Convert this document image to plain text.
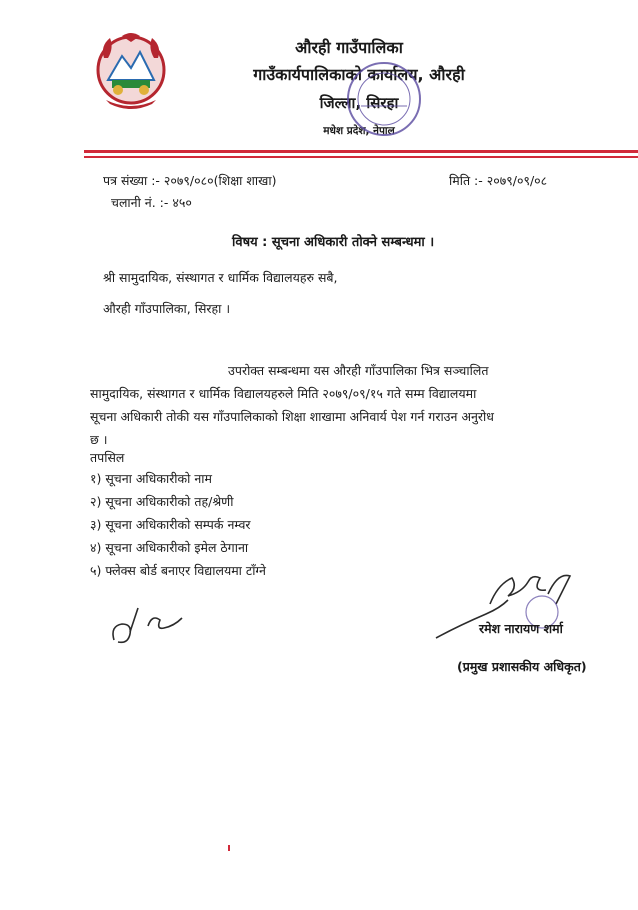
औरही गाउँपालिका
गाउँकार्यपालिकाको कार्यालय, औरही
जिल्ला, सिरहा
मधेश प्रदेश, नेपाल
पत्र संख्या :- २०७९/०८०(शिक्षा शाखा)	मिति :- २०७९/०९/०८
चलानी नं. :- ४५०
विषय : सूचना अधिकारी तोक्ने सम्बन्धमा ।
श्री सामुदायिक, संस्थागत र धार्मिक विद्यालयहरु सबै,
औरही गाँउपालिका, सिरहा ।
उपरोक्त सम्बन्धमा यस औरही गाँउपालिका भित्र सञ्चालित
सामुदायिक, संस्थागत र धार्मिक विद्यालयहरुले मिति २०७९/०९/१५ गते सम्म विद्यालयमा
सूचना अधिकारी तोकी यस गाँउपालिकाको शिक्षा शाखामा अनिवार्य पेश गर्न गराउन अनुरोध
छ ।
तपसिल
१) सूचना अधिकारीको नाम
२) सूचना अधिकारीको तह/श्रेणी
३) सूचना अधिकारीको सम्पर्क नम्वर
४) सूचना अधिकारीको इमेल ठेगाना
५) फ्लेक्स बोर्ड बनाएर विद्यालयमा टाँग्ने
रमेश नारायण शर्मा
(प्रमुख प्रशासकीय अधिकृत)
